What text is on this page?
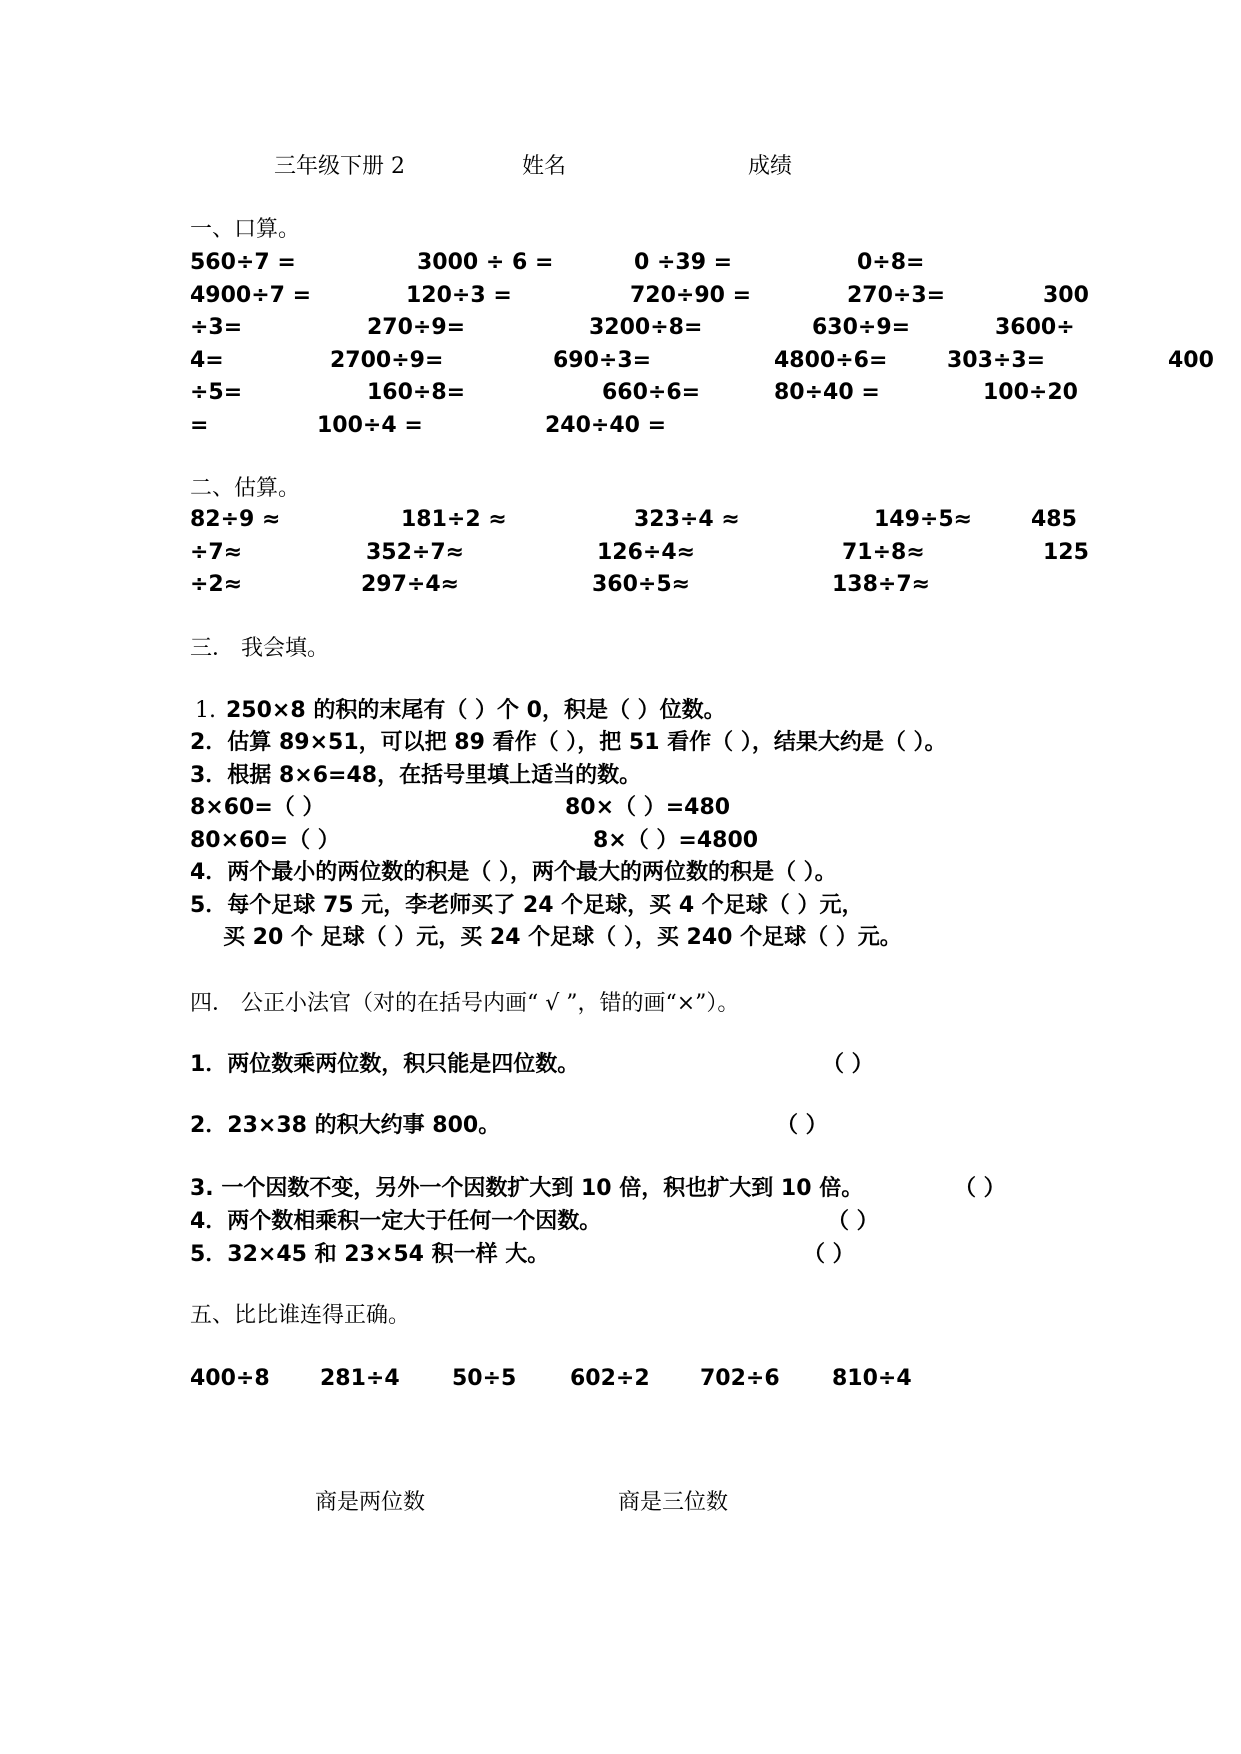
三年级下册 2	姓名	成绩
一、口算。
560÷7 =	3000 ÷ 6 =	0 ÷39 =	0÷8=
4900÷7 =	120÷3 =	720÷90 =	270÷3=	300
÷3=	270÷9=	3200÷8=	630÷9=	3600÷
4=	2700÷9=	690÷3=	4800÷6=	303÷3=	400
÷5=	160÷8=	660÷6=	80÷40 =	100÷20
=	100÷4 =	240÷40 =
二、估算。
82÷9 ≈	181÷2 ≈	323÷4 ≈	149÷5≈	485
÷7≈	352÷7≈	126÷4≈	71÷8≈	125
÷2≈	297÷4≈	360÷5≈	138÷7≈
三． 我会填。
1. 250×8 的积的末尾有（ ）个 0，积是（ ）位数。
2．估算 89×51，可以把 89 看作（ ），把 51 看作（ ），结果大约是（ ）。
3．根据 8×6=48，在括号里填上适当的数。
8×60=（ ）	80×（ ）=480
80×60=（ ）	8×（ ）=4800
4．两个最小的两位数的积是（ ），两个最大的两位数的积是（ ）。
5．每个足球 75 元，李老师买了 24 个足球，买 4 个足球（ ）元，
买 20 个 足球（ ）元，买 24 个足球（ ），买 240 个足球（ ）元。
四． 公正小法官（对的在括号内画“ √ ”，错的画“×”）。
1．两位数乘两位数，积只能是四位数。	（ ）
2．23×38 的积大约事 800。	（ ）
3. 一个因数不变，另外一个因数扩大到 10 倍，积也扩大到 10 倍。	（ ）
4．两个数相乘积一定大于任何一个因数。	（ ）
5．32×45 和 23×54 积一样 大。	（ ）
五、比比谁连得正确。
400÷8 281÷4 50÷5 602÷2 702÷6 810÷4
商是两位数	商是三位数
